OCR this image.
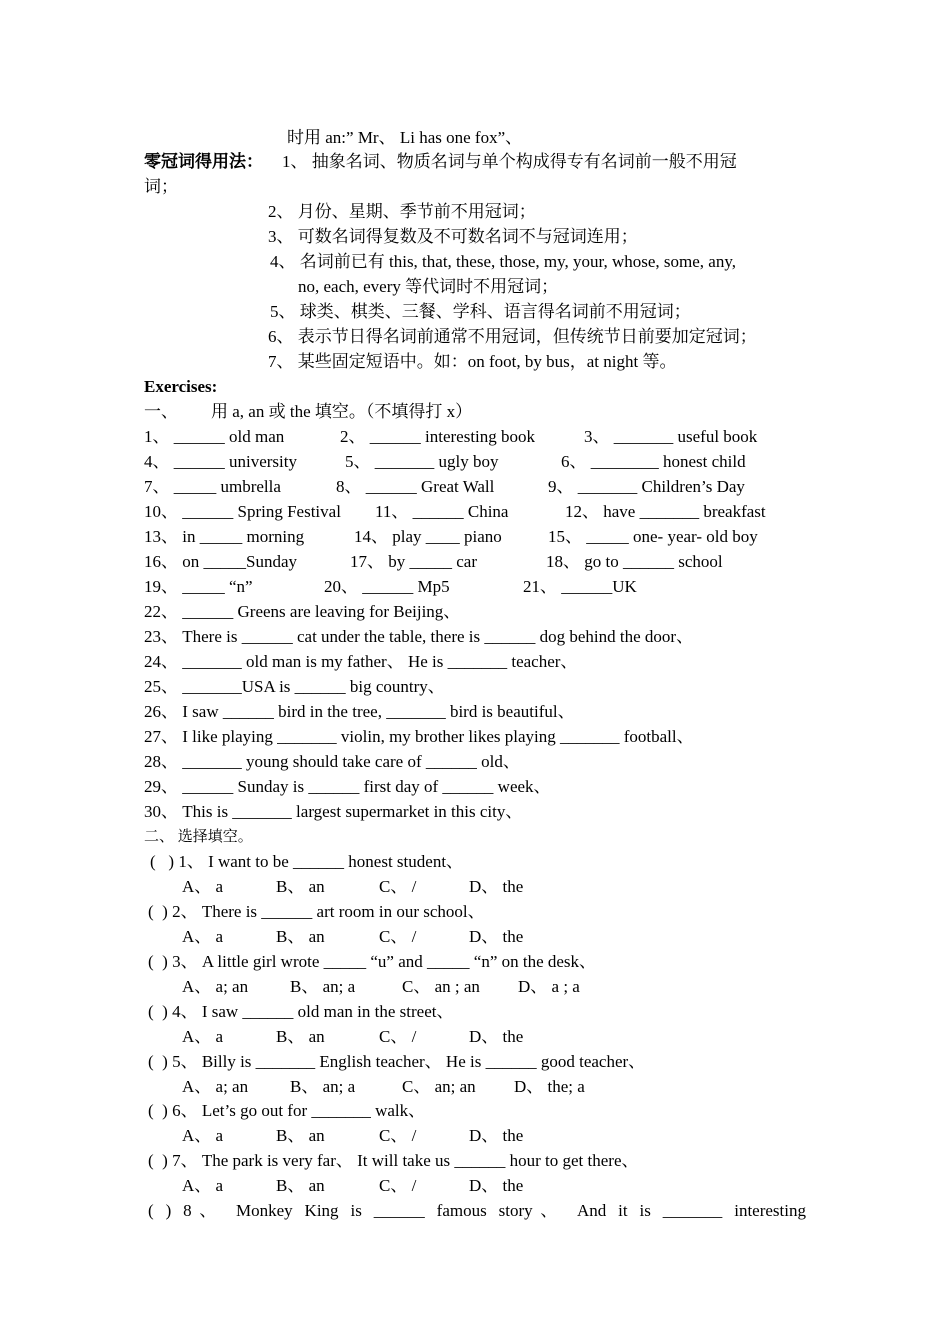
时用 an:” Mr、 Li has one fox”、
零冠词得用法： 1、 抽象名词、物质名词与单个构成得专有名词前一般不用冠
词；
2、 月份、星期、季节前不用冠词；
3、 可数名词得复数及不可数名词不与冠词连用；
4、 名词前已有 this, that, these, those, my, your, whose, some, any,
no, each, every 等代词时不用冠词；
5、 球类、棋类、三餐、学科、语言得名词前不用冠词；
6、 表示节日得名词前通常不用冠词，但传统节日前要加定冠词；
7、 某些固定短语中。如：on foot, by bus，at night 等。
Exercises:
一、 用 a, an 或 the 填空。（不填得打 x）
1、 ______ old man	2、 ______ interesting book	3、 _______ useful book
4、 ______ university	5、 _______ ugly boy	6、 ________ honest child
7、 _____ umbrella	8、 ______ Great Wall	9、 _______ Children’s Day
10、 ______ Spring Festival 11、 ______ China	12、 have _______ breakfast
13、 in _____ morning	14、 play ____ piano	15、 _____ one- year- old boy
16、 on _____Sunday	17、 by _____ car	18、 go to ______ school
19、 _____ “n”	20、 ______ Mp5	21、 ______UK
22、 ______ Greens are leaving for Beijing、
23、 There is ______ cat under the table, there is ______ dog behind the door、
24、 _______ old man is my father、 He is _______ teacher、
25、 _______USA is ______ big country、
26、 I saw ______ bird in the tree, _______ bird is beautiful、
27、 I like playing _______ violin, my brother likes playing _______ football、
28、 _______ young should take care of ______ old、
29、 ______ Sunday is ______ first day of ______ week、
30、 This is _______ largest supermarket in this city、
二、 选择填空。
(   ) 1、 I want to be ______ honest student、
A、 a	B、 an	C、 /	D、 the
(  ) 2、 There is ______ art room in our school、
A、 a	B、 an	C、 /	D、 the
(  ) 3、 A little girl wrote _____ “u” and _____ “n” on the desk、
A、 a; an B、 an; a	C、 an ; an D、 a ; a
(  ) 4、 I saw ______ old man in the street、
A、 a	B、 an	C、 /	D、 the
(  ) 5、 Billy is _______ English teacher、 He is ______ good teacher、
A、 a; an B、 an; a	C、 an; an D、 the; a
(  ) 6、 Let’s go out for _______ walk、
A、 a	B、 an	C、 /	D、 the
(  ) 7、 The park is very far、 It will take us ______ hour to get there、
A、 a	B、 an	C、 /	D、 the
( ) 8、 Monkey King is ______ famous story、 And it is _______ interesting
